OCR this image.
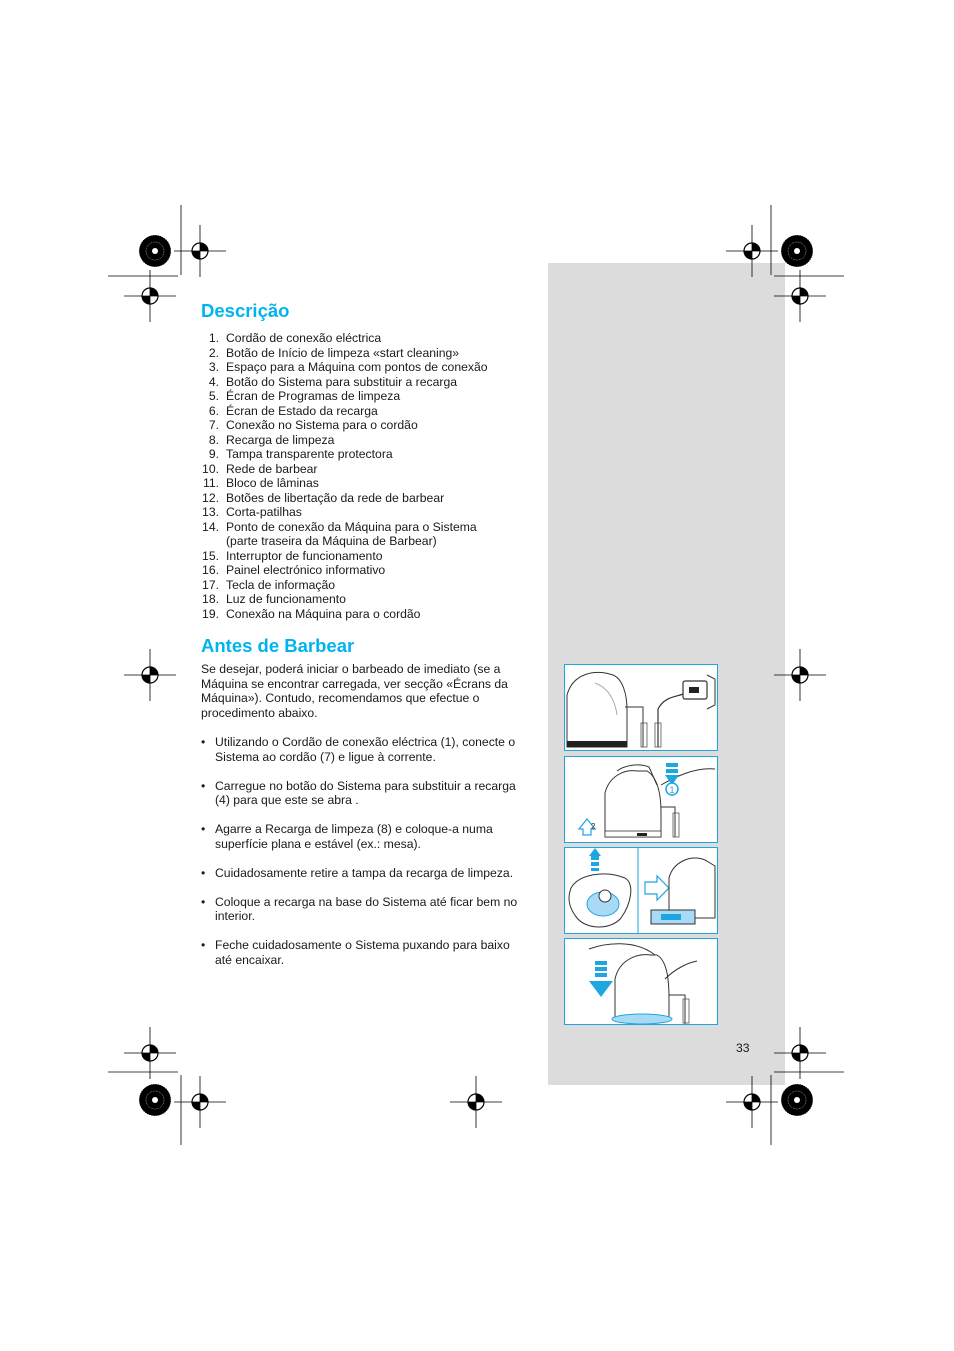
Descrição
1. Cordão de conexão eléctrica
2. Botão de Início de limpeza «start cleaning»
3. Espaço para a Máquina com pontos de conexão
4. Botão do Sistema para substituir a recarga
5. Écran de Programas de limpeza
6. Écran de Estado da recarga
7. Conexão no Sistema para o cordão
8. Recarga de limpeza
9. Tampa transparente protectora
10. Rede de barbear
11. Bloco de lâminas
12. Botões de libertação da rede de barbear
13. Corta-patilhas
14. Ponto de conexão da Máquina para o Sistema
(parte traseira da Máquina de Barbear)
15. Interruptor de funcionamento
16. Painel electrónico informativo
17. Tecla de informação
18. Luz de funcionamento
19. Conexão na Máquina para o cordão
Antes de Barbear

Se desejar, poderá iniciar o barbeado de imediato (se a Máquina se encontrar carregada, ver secção «Écrans da Máquina»). Contudo, recomendamos que efectue o procedimento abaixo.

• Utilizando o Cordão de conexão eléctrica (1), conecte o Sistema ao cordão (7) e ligue à corrente.
• Carregue no botão do Sistema para substituir a recarga (4) para que este se abra .
• Agarre a Recarga de limpeza (8) e coloque-a numa superfície plana e estável (ex.: mesa).
• Cuidadosamente retire a tampa da recarga de limpeza.
• Coloque a recarga na base do Sistema até ficar bem no interior.
• Feche cuidadosamente o Sistema puxando para baixo até encaixar.
1
2
33
